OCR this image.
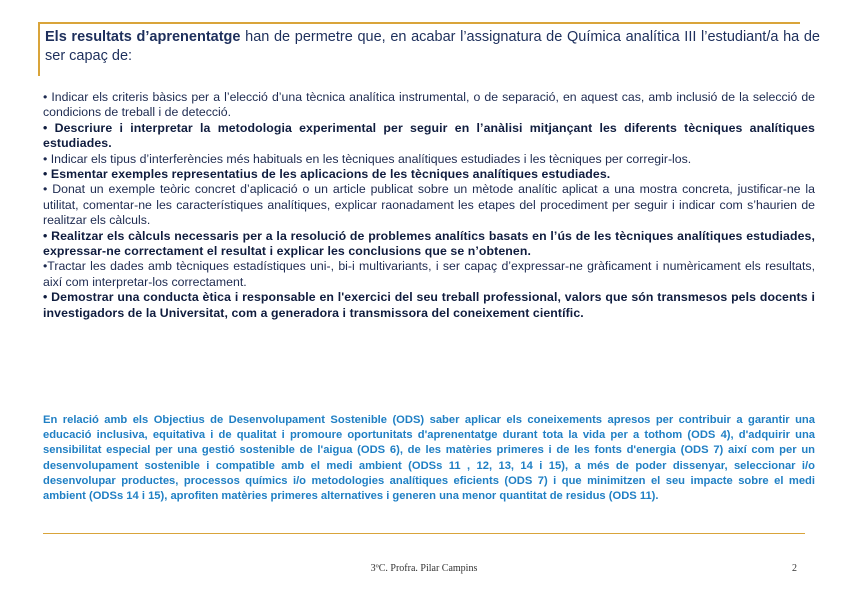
Els resultats d’aprenentatge han de permetre que, en acabar l’assignatura de Química analítica III l’estudiant/a ha de ser capaç de:

• Indicar els criteris bàsics per a l’elecció d’una tècnica analítica instrumental, o de separació, en aquest cas, amb inclusió de la selecció de condicions de treball i de detecció.

• Descriure i interpretar la metodologia experimental per seguir en l’anàlisi mitjançant les diferents tècniques analítiques estudiades.

• Indicar els tipus d’interferències més habituals en les tècniques analítiques estudiades i les tècniques per corregir-los.

• Esmentar exemples representatius de les aplicacions de les tècniques analítiques estudiades.

• Donat un exemple teòric concret d’aplicació o un article publicat sobre un mètode analític aplicat a una mostra concreta, justificar-ne la utilitat, comentar-ne les característiques analítiques, explicar raonadament les etapes del procediment per seguir i indicar com s’haurien de realitzar els càlculs.

• Realitzar els càlculs necessaris per a la resolució de problemes analítics basats en l’ús de les tècniques analítiques estudiades, expressar-ne correctament el resultat i explicar les conclusions que se n’obtenen.

•Tractar les dades amb tècniques estadístiques uni-, bi-i multivariants, i ser capaç d’expressar-ne gràficament i numèricament els resultats, així com interpretar-los correctament.

• Demostrar una conducta ètica i responsable en l'exercici del seu treball professional, valors que són transmesos pels docents i investigadors de la Universitat, com a generadora i transmissora del coneixement científic.

En relació amb els Objectius de Desenvolupament Sostenible (ODS) saber aplicar els coneixements apresos per contribuir a garantir una educació inclusiva, equitativa i de qualitat i promoure oportunitats d'aprenentatge durant tota la vida per a tothom (ODS 4), d'adquirir una sensibilitat especial per una gestió sostenible de l'aigua (ODS 6), de les matèries primeres i de les fonts d'energia (ODS 7) així com per un desenvolupament sostenible i compatible amb el medi ambient (ODSs 11 , 12, 13, 14 i 15), a més de poder dissenyar, seleccionar i/o desenvolupar productes, processos químics i/o metodologies analítiques eficients (ODS 7) i que minimitzen el seu impacte sobre el medi ambient (ODSs 14 i 15), aprofiten matèries primeres alternatives i generen una menor quantitat de residus (ODS 11).
3ºC. Profra. Pilar Campins	2
